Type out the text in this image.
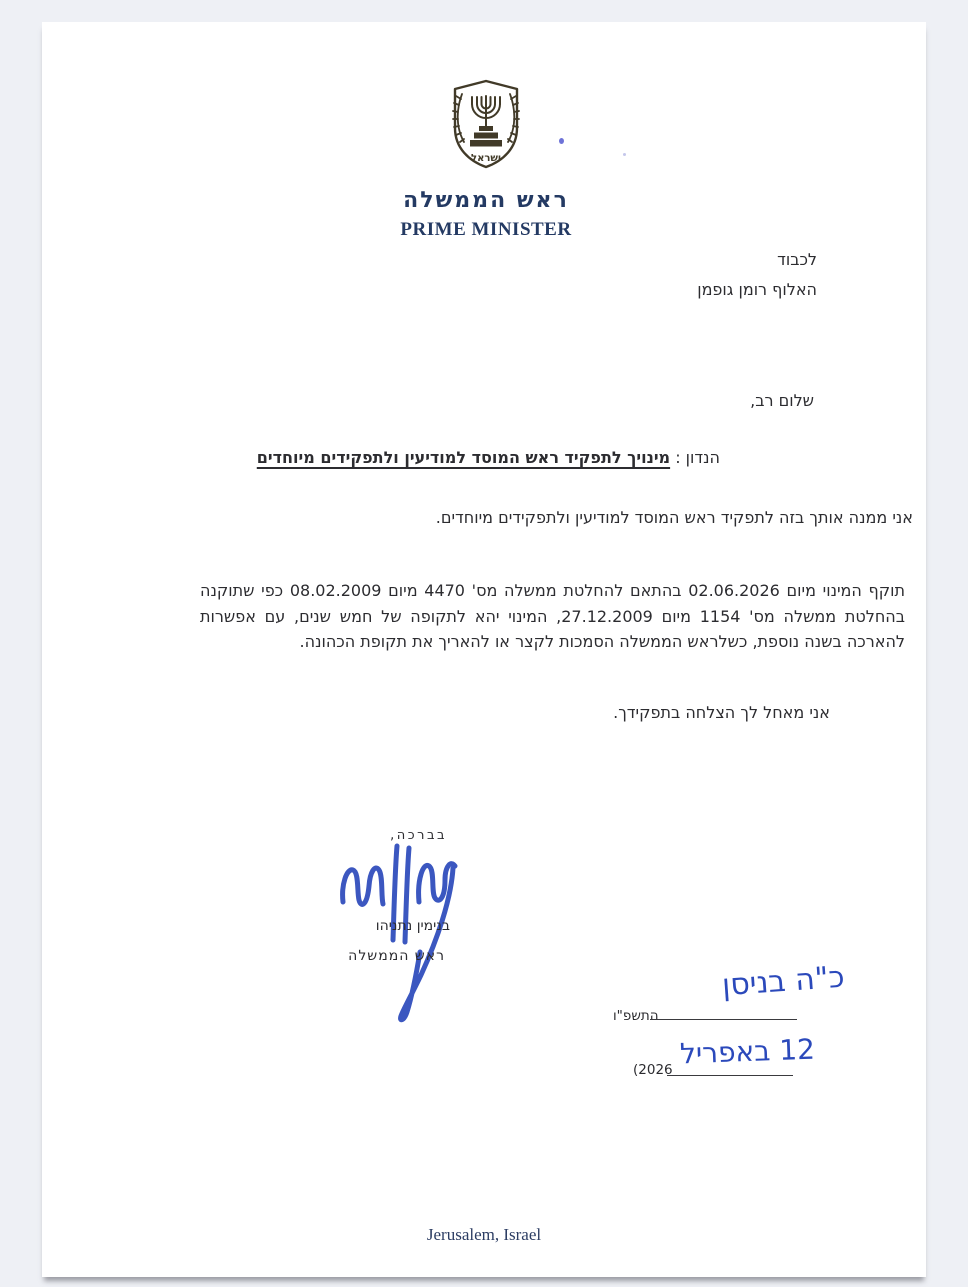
ישראל
ראש הממשלה
PRIME MINISTER
לכבוד
האלוף רומן גופמן
שלום רב,
הנדון : מינויך לתפקיד ראש המוסד למודיעין ולתפקידים מיוחדים
אני ממנה אותך בזה לתפקיד ראש המוסד למודיעין ולתפקידים מיוחדים.
תוקף המינוי מיום 02.06.2026 בהתאם להחלטת ממשלה מס' 4470 מיום 08.02.2009 כפי שתוקנה בהחלטת ממשלה מס' 1154 מיום 27.12.2009, המינוי יהא לתקופה של חמש שנים, עם אפשרות להארכה בשנה נוספת, כשלראש הממשלה הסמכות לקצר או להאריך את תקופת הכהונה.
אני מאחל לך הצלחה בתפקידך.
בברכה,
בנימין נתניהו
ראש הממשלה
כ"ה בניסן
התשפ"ו
12 באפריל
(2026
Jerusalem, Israel
